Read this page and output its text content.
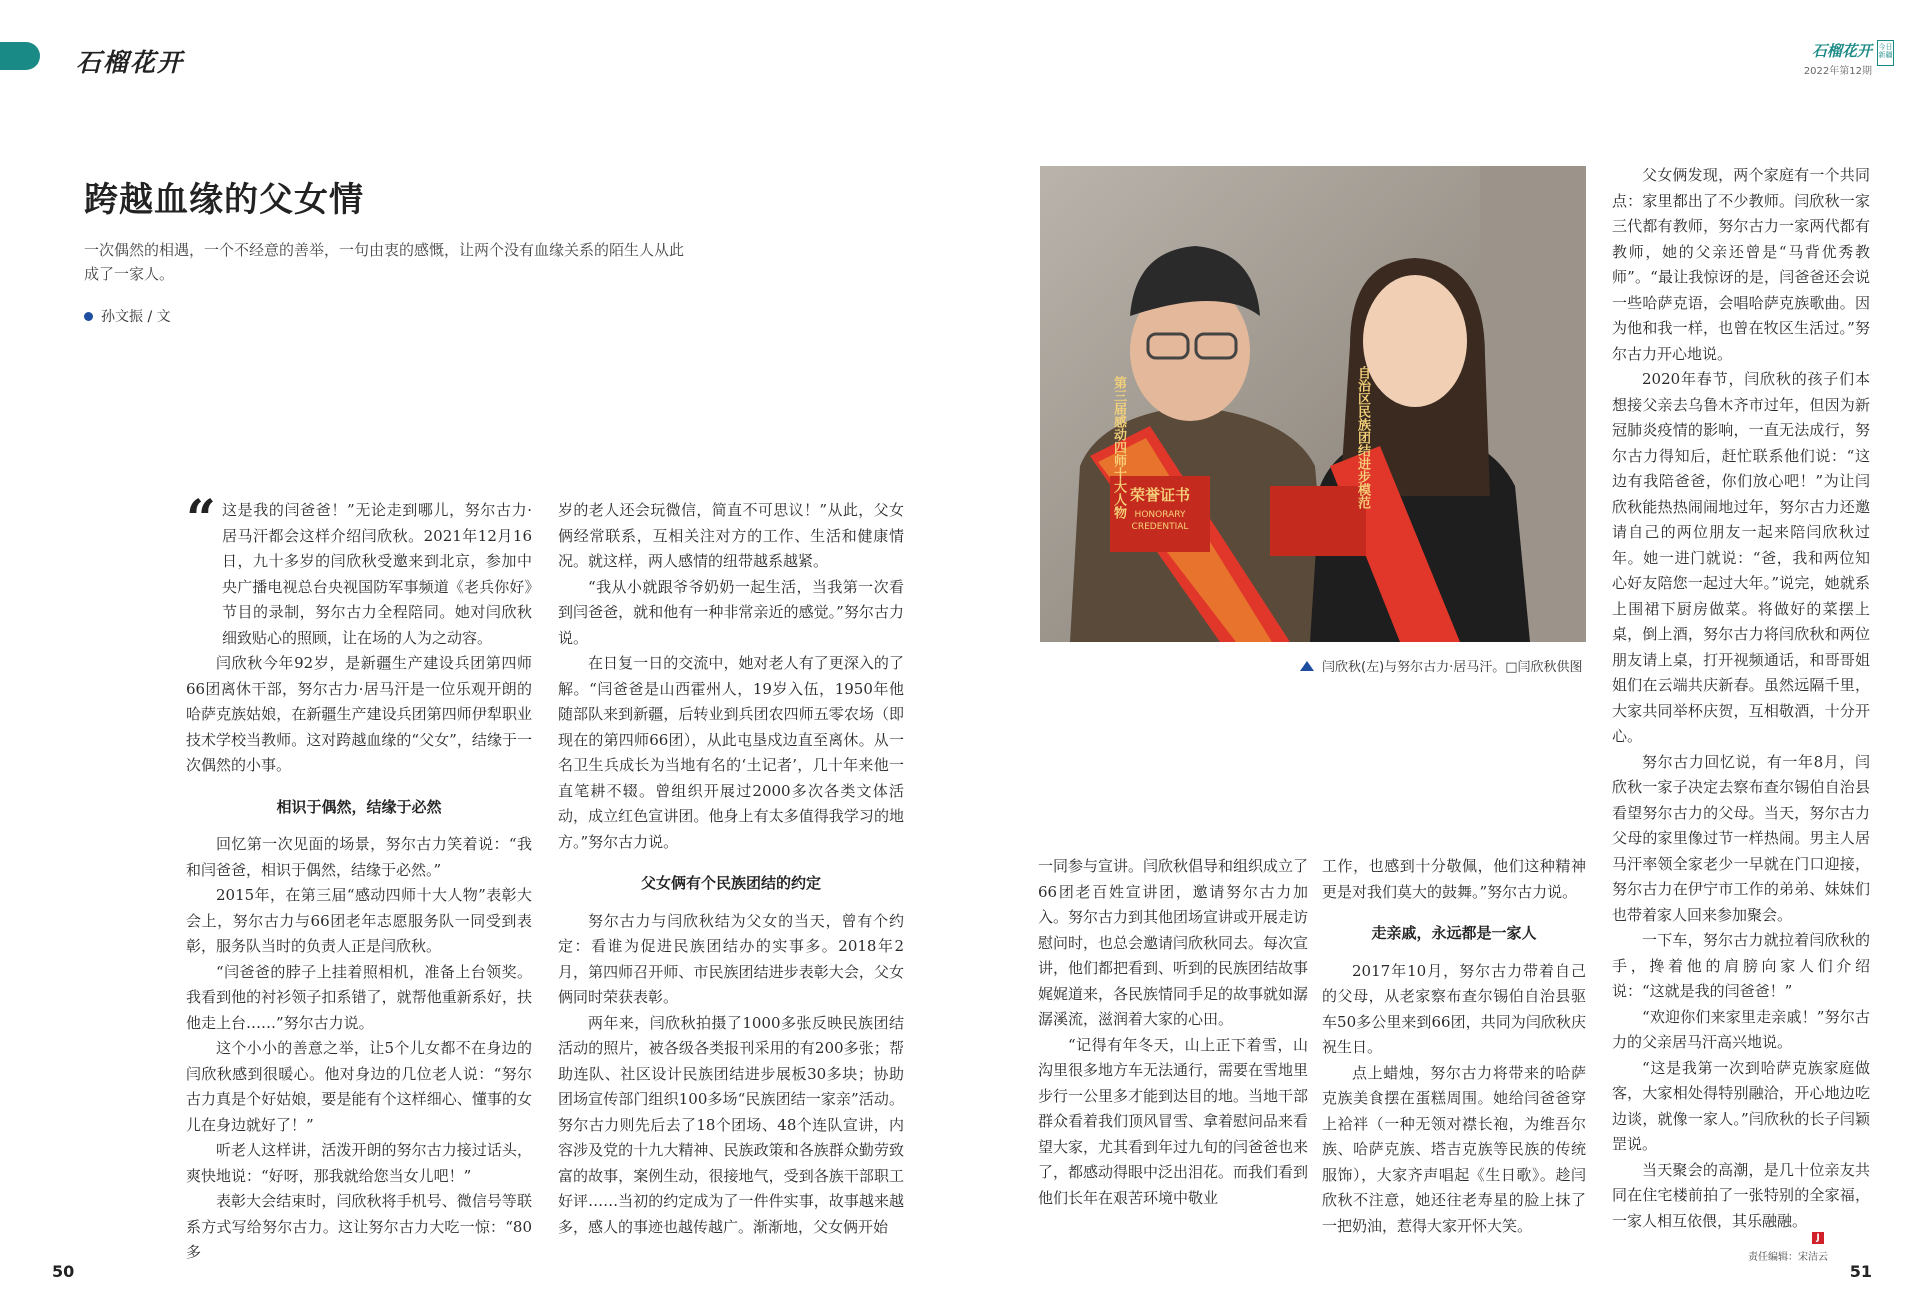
石榴花开	石榴花开
2022年第12期
今日新疆
跨越血缘的父女情

一次偶然的相遇，一个不经意的善举，一句由衷的感慨，让两个没有血缘关系的陌生人从此成了一家人。

孙文振 / 文

这是我的闫爸爸！”无论走到哪儿，努尔古力·居马汗都会这样介绍闫欣秋。2021年12月16日，九十多岁的闫欣秋受邀来到北京，参加中央广播电视总台央视国防军事频道《老兵你好》节目的录制，努尔古力全程陪同。她对闫欣秋细致贴心的照顾，让在场的人为之动容。

闫欣秋今年92岁，是新疆生产建设兵团第四师66团离休干部，努尔古力·居马汗是一位乐观开朗的哈萨克族姑娘，在新疆生产建设兵团第四师伊犁职业技术学校当教师。这对跨越血缘的“父女”，结缘于一次偶然的小事。

相识于偶然，结缘于必然

回忆第一次见面的场景，努尔古力笑着说：“我和闫爸爸，相识于偶然，结缘于必然。”

2015年，在第三届“感动四师十大人物”表彰大会上，努尔古力与66团老年志愿服务队一同受到表彰，服务队当时的负责人正是闫欣秋。

“闫爸爸的脖子上挂着照相机，准备上台领奖。我看到他的衬衫领子扣系错了，就帮他重新系好，扶他走上台……”努尔古力说。

这个小小的善意之举，让5个儿女都不在身边的闫欣秋感到很暖心。他对身边的几位老人说：“努尔古力真是个好姑娘，要是能有个这样细心、懂事的女儿在身边就好了！”

听老人这样讲，活泼开朗的努尔古力接过话头，爽快地说：“好呀，那我就给您当女儿吧！”

表彰大会结束时，闫欣秋将手机号、微信号等联系方式写给努尔古力。这让努尔古力大吃一惊：“80多

“	岁的老人还会玩微信，简直不可思议！”从此，父女俩经常联系，互相关注对方的工作、生活和健康情况。就这样，两人感情的纽带越系越紧。

“我从小就跟爷爷奶奶一起生活，当我第一次看到闫爸爸，就和他有一种非常亲近的感觉。”努尔古力说。

在日复一日的交流中，她对老人有了更深入的了解。“闫爸爸是山西霍州人，19岁入伍，1950年他随部队来到新疆，后转业到兵团农四师五零农场（即现在的第四师66团），从此屯垦戍边直至离休。从一名卫生兵成长为当地有名的‘土记者’，几十年来他一直笔耕不辍。曾组织开展过2000多次各类文体活动，成立红色宣讲团。他身上有太多值得我学习的地方。”努尔古力说。

父女俩有个民族团结的约定

努尔古力与闫欣秋结为父女的当天，曾有个约定：看谁为促进民族团结办的实事多。2018年2月，第四师召开师、市民族团结进步表彰大会，父女俩同时荣获表彰。

两年来，闫欣秋拍摄了1000多张反映民族团结活动的照片，被各级各类报刊采用的有200多张；帮助连队、社区设计民族团结进步展板30多块；协助团场宣传部门组织100多场“民族团结一家亲”活动。努尔古力则先后去了18个团场、48个连队宣讲，内容涉及党的十九大精神、民族政策和各族群众勤劳致富的故事，案例生动，很接地气，受到各族干部职工好评……当初的约定成为了一件件实事，故事越来越多，感人的事迹也越传越广。渐渐地，父女俩开始

荣誉证书
HONORARY
CREDENTIAL
第三届感动四师十大人物	自治区民族团结进步模范
闫欣秋(左)与努尔古力·居马汗。□闫欣秋供图

一同参与宣讲。闫欣秋倡导和组织成立了66团老百姓宣讲团，邀请努尔古力加入。努尔古力到其他团场宣讲或开展走访慰问时，也总会邀请闫欣秋同去。每次宣讲，他们都把看到、听到的民族团结故事娓娓道来，各民族情同手足的故事就如潺潺溪流，滋润着大家的心田。

“记得有年冬天，山上正下着雪，山沟里很多地方车无法通行，需要在雪地里步行一公里多才能到达目的地。当地干部群众看着我们顶风冒雪、拿着慰问品来看望大家，尤其看到年过九旬的闫爸爸也来了，都感动得眼中泛出泪花。而我们看到他们长年在艰苦环境中敬业

工作，也感到十分敬佩，他们这种精神更是对我们莫大的鼓舞。”努尔古力说。

走亲戚，永远都是一家人

2017年10月，努尔古力带着自己的父母，从老家察布查尔锡伯自治县驱车50多公里来到66团，共同为闫欣秋庆祝生日。

点上蜡烛，努尔古力将带来的哈萨克族美食摆在蛋糕周围。她给闫爸爸穿上袷袢（一种无领对襟长袍，为维吾尔族、哈萨克族、塔吉克族等民族的传统服饰），大家齐声唱起《生日歌》。趁闫欣秋不注意，她还往老寿星的脸上抹了一把奶油，惹得大家开怀大笑。

父女俩发现，两个家庭有一个共同点：家里都出了不少教师。闫欣秋一家三代都有教师，努尔古力一家两代都有教师，她的父亲还曾是“马背优秀教师”。“最让我惊讶的是，闫爸爸还会说一些哈萨克语，会唱哈萨克族歌曲。因为他和我一样，也曾在牧区生活过。”努尔古力开心地说。

2020年春节，闫欣秋的孩子们本想接父亲去乌鲁木齐市过年，但因为新冠肺炎疫情的影响，一直无法成行，努尔古力得知后，赶忙联系他们说：“这边有我陪爸爸，你们放心吧！”为让闫欣秋能热热闹闹地过年，努尔古力还邀请自己的两位朋友一起来陪闫欣秋过年。她一进门就说：“爸，我和两位知心好友陪您一起过大年。”说完，她就系上围裙下厨房做菜。将做好的菜摆上桌，倒上酒，努尔古力将闫欣秋和两位朋友请上桌，打开视频通话，和哥哥姐姐们在云端共庆新春。虽然远隔千里，大家共同举杯庆贺，互相敬酒，十分开心。

努尔古力回忆说，有一年8月，闫欣秋一家子决定去察布查尔锡伯自治县看望努尔古力的父母。当天，努尔古力父母的家里像过节一样热闹。男主人居马汗率领全家老少一早就在门口迎接，努尔古力在伊宁市工作的弟弟、妹妹们也带着家人回来参加聚会。

一下车，努尔古力就拉着闫欣秋的手，搀着他的肩膀向家人们介绍说：“这就是我的闫爸爸！”

“欢迎你们来家里走亲戚！”努尔古力的父亲居马汗高兴地说。

“这是我第一次到哈萨克族家庭做客，大家相处得特别融洽，开心地边吃边谈，就像一家人。”闫欣秋的长子闫颖罡说。

当天聚会的高潮，是几十位亲友共同在住宅楼前拍了一张特别的全家福，一家人相互依偎，其乐融融。

J
50
责任编辑：宋洁云
51
